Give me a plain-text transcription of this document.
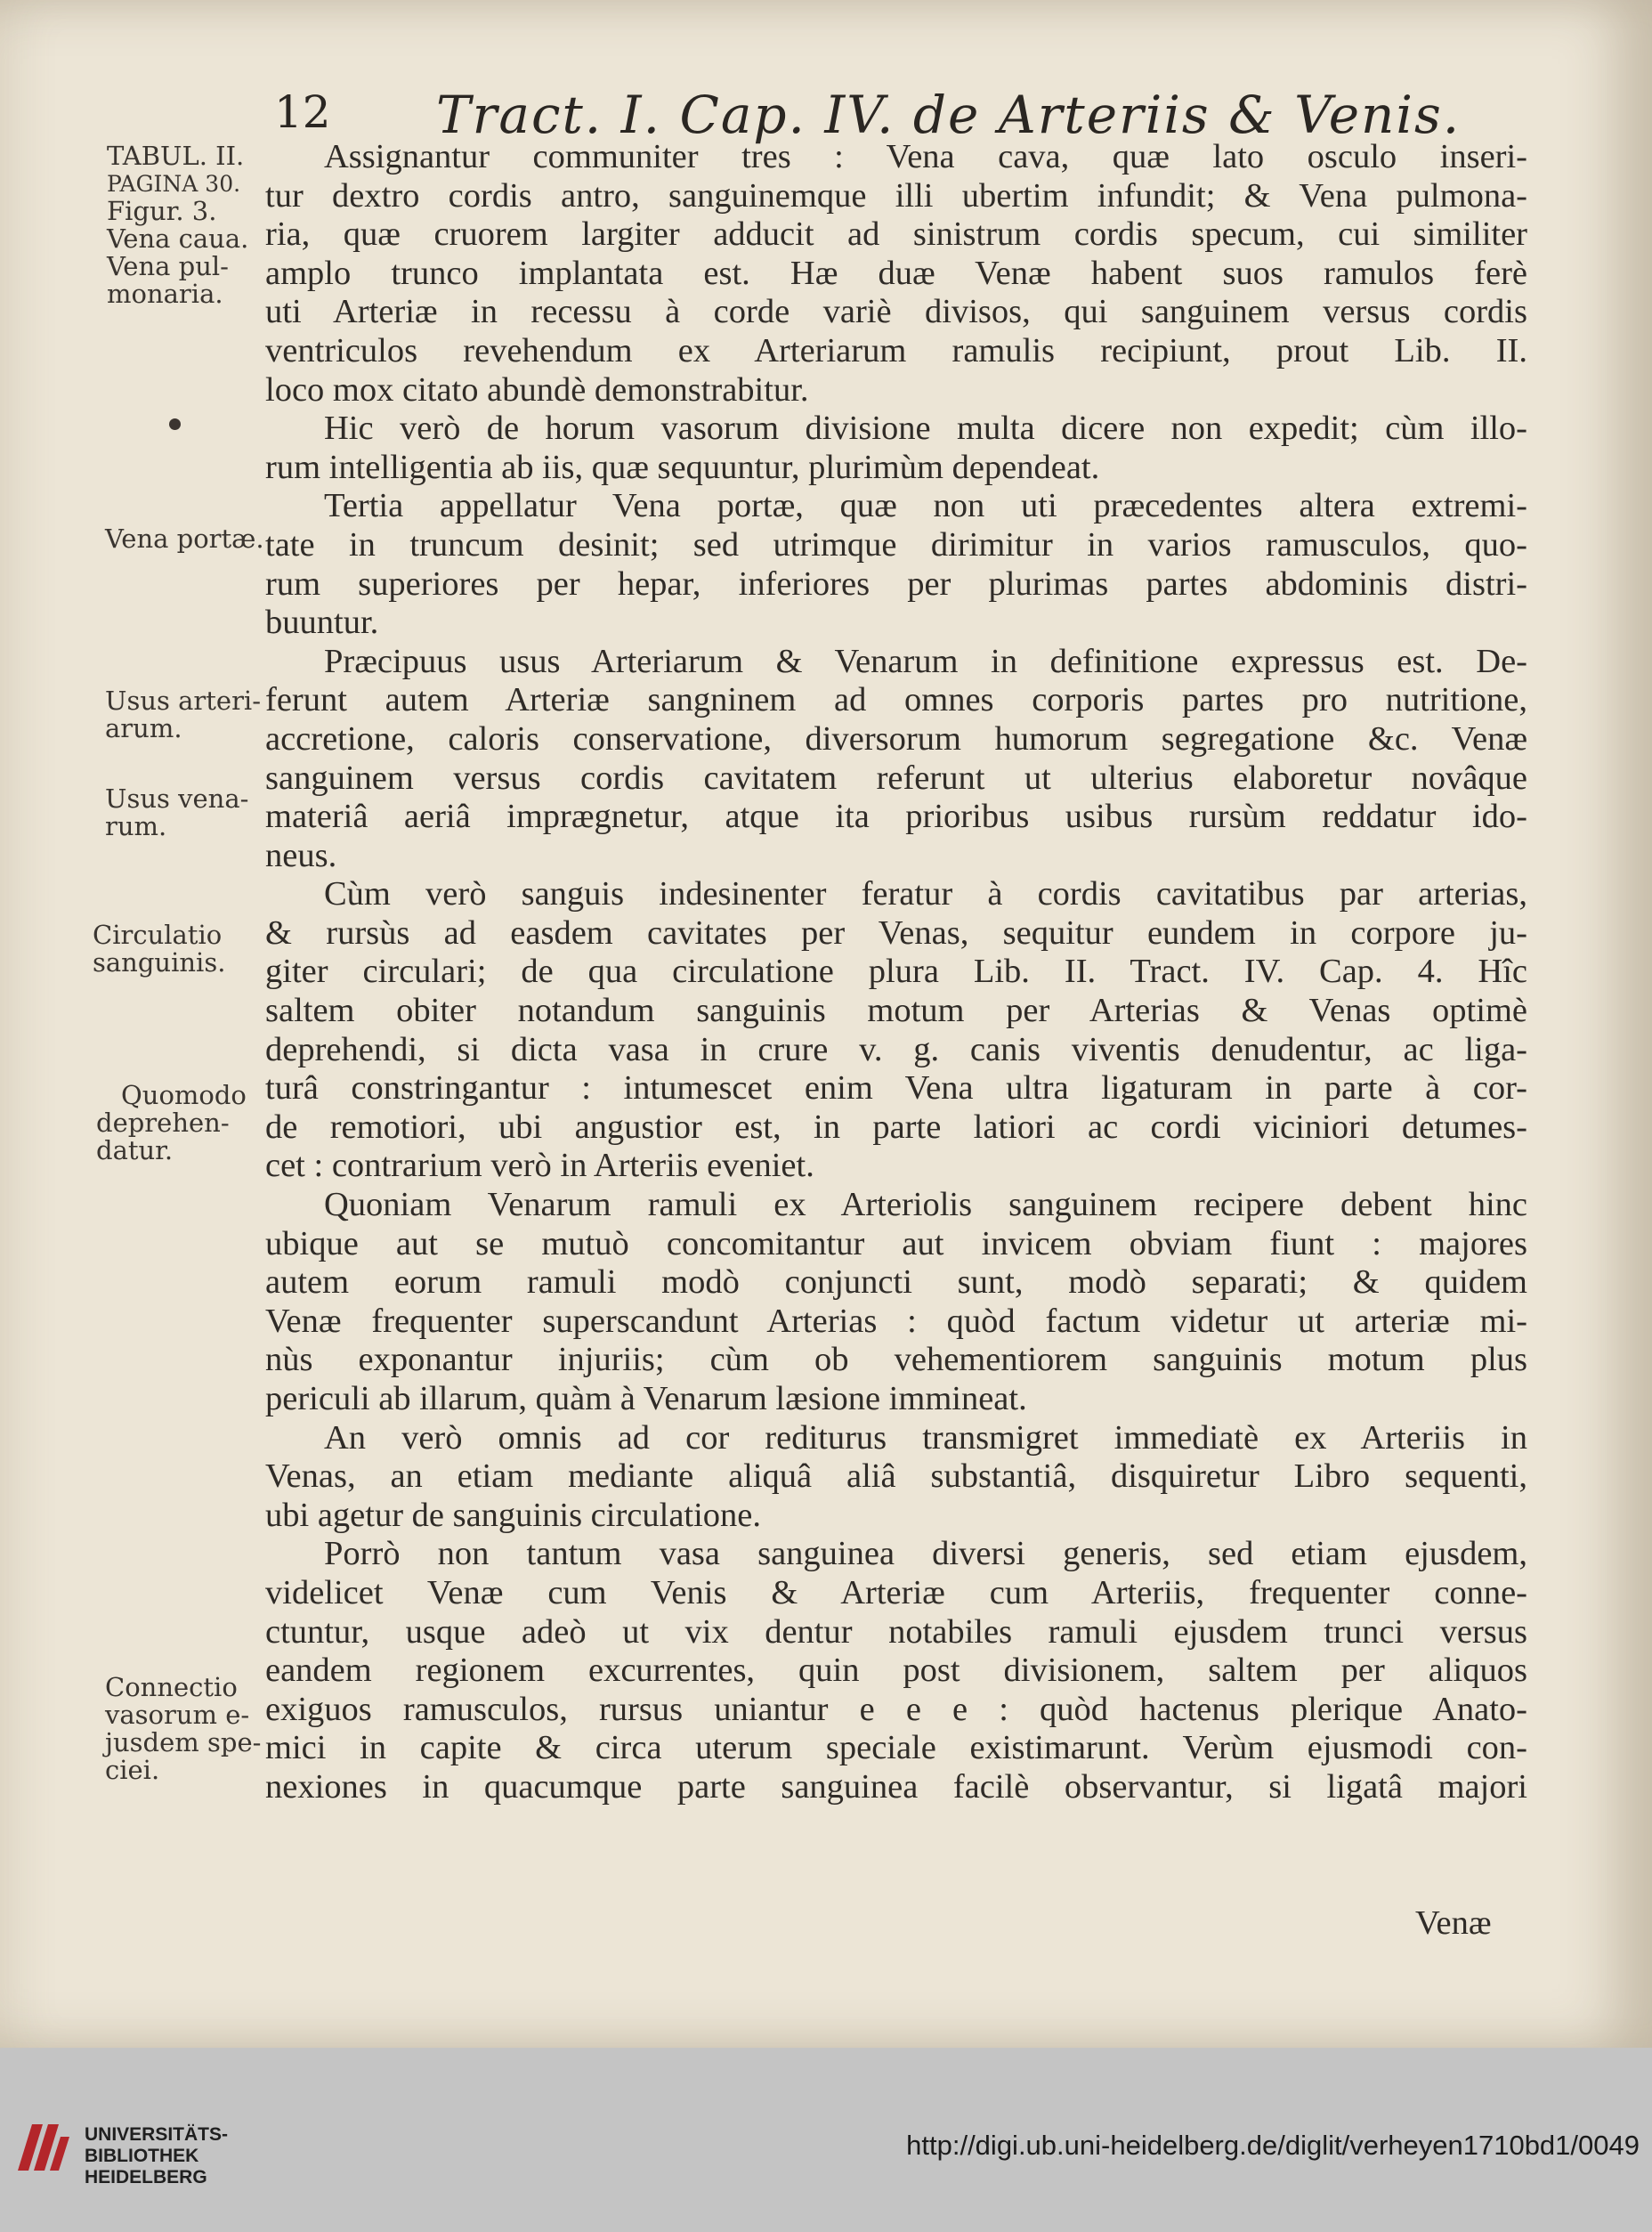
12 Tract. I. Cap. IV. de Arteriis & Venis.
TABUL. II.
PAGINA 30.
Figur. 3.
Vena caua.
Vena pul-
monaria.
Vena portæ.
Usus arteri-
arum.
Usus vena-
rum.
Circulatio
sanguinis.
Quomodo
deprehen-
datur.
Connectio
vasorum e-
jusdem spe-
ciei.
Assignantur communiter tres : Vena cava, quæ lato osculo inseri-
tur dextro cordis antro, sanguinemque illi ubertim infundit; & Vena pulmona-
ria, quæ cruorem largiter adducit ad sinistrum cordis specum, cui similiter
amplo trunco implantata est. Hæ duæ Venæ habent suos ramulos ferè
uti Arteriæ in recessu à corde variè divisos, qui sanguinem versus cordis
ventriculos revehendum ex Arteriarum ramulis recipiunt, prout Lib. II.
loco mox citato abundè demonstrabitur.
Hic verò de horum vasorum divisione multa dicere non expedit; cùm illo-
rum intelligentia ab iis, quæ sequuntur, plurimùm dependeat.
Tertia appellatur Vena portæ, quæ non uti præcedentes altera extremi-
tate in truncum desinit; sed utrimque dirimitur in varios ramusculos, quo-
rum superiores per hepar, inferiores per plurimas partes abdominis distri-
buuntur.
Præcipuus usus Arteriarum & Venarum in definitione expressus est. De-
ferunt autem Arteriæ sangninem ad omnes corporis partes pro nutritione,
accretione, caloris conservatione, diversorum humorum segregatione &c. Venæ
sanguinem versus cordis cavitatem referunt ut ulterius elaboretur novâque
materiâ aeriâ imprægnetur, atque ita prioribus usibus rursùm reddatur ido-
neus.
Cùm verò sanguis indesinenter feratur à cordis cavitatibus par arterias,
& rursùs ad easdem cavitates per Venas, sequitur eundem in corpore ju-
giter circulari; de qua circulatione plura Lib. II. Tract. IV. Cap. 4. Hîc
saltem obiter notandum sanguinis motum per Arterias & Venas optimè
deprehendi, si dicta vasa in crure v. g. canis viventis denudentur, ac liga-
turâ constringantur : intumescet enim Vena ultra ligaturam in parte à cor-
de remotiori, ubi angustior est, in parte latiori ac cordi viciniori detumes-
cet : contrarium verò in Arteriis eveniet.
Quoniam Venarum ramuli ex Arteriolis sanguinem recipere debent hinc
ubique aut se mutuò concomitantur aut invicem obviam fiunt : majores
autem eorum ramuli modò conjuncti sunt, modò separati; & quidem
Venæ frequenter superscandunt Arterias : quòd factum videtur ut arteriæ mi-
nùs exponantur injuriis; cùm ob vehementiorem sanguinis motum plus
periculi ab illarum, quàm à Venarum læsione immineat.
An verò omnis ad cor rediturus transmigret immediatè ex Arteriis in
Venas, an etiam mediante aliquâ aliâ substantiâ, disquiretur Libro sequenti,
ubi agetur de sanguinis circulatione.
Porrò non tantum vasa sanguinea diversi generis, sed etiam ejusdem,
videlicet Venæ cum Venis & Arteriæ cum Arteriis, frequenter conne-
ctuntur, usque adeò ut vix dentur notabiles ramuli ejusdem trunci versus
eandem regionem excurrentes, quin post divisionem, saltem per aliquos
exiguos ramusculos, rursus uniantur e e e : quòd hactenus plerique Anato-
mici in capite & circa uterum speciale existimarunt. Verùm ejusmodi con-
nexiones in quacumque parte sanguinea facilè observantur, si ligatâ majori
Venæ
UNIVERSITÄTS-
BIBLIOTHEK
HEIDELBERG
http://digi.ub.uni-heidelberg.de/diglit/verheyen1710bd1/0049
